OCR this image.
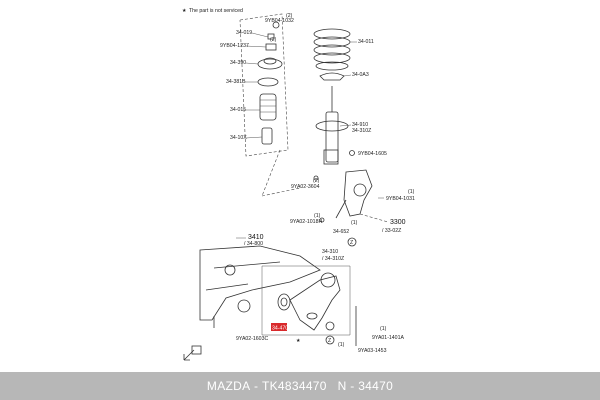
★ The part is not serviced
34-019
9YB04-1032
(2)
9YB04-1237
(2)
34-390
34-381B
34-015
34-10X
34-011
34-0A3
34-910
34-310Z
9YB04-1605
(2)
9YA02-3604
(1)
9YB04-1031
(1)
9YA02-1018H	3300
/ 33-02Z
(1)
34-652
Z
3410
/ 34-800
34-310
/ 34-310Z
34-470
★
9YA02-1603C
(1)
9YA01-1401A
(1)
9YA03-1453
Z
MAZDA - TK4834470 N - 34470
